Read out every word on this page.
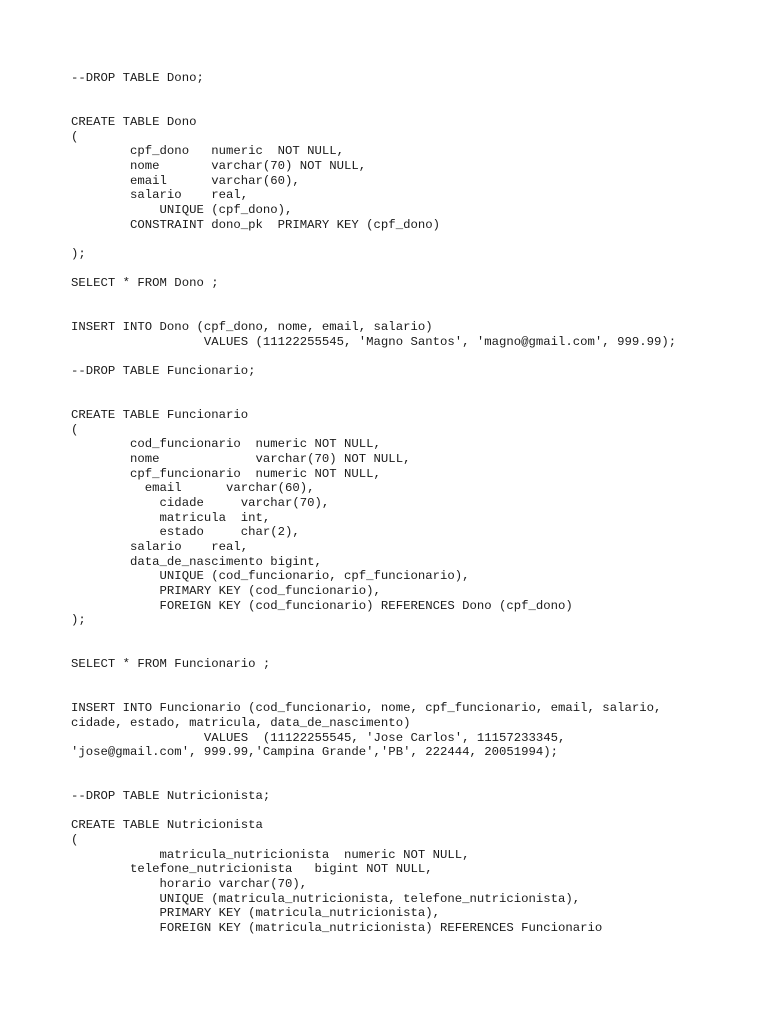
--DROP TABLE Dono;
CREATE TABLE Dono
(
cpf_dono   numeric  NOT NULL,
nome       varchar(70) NOT NULL,
email      varchar(60),
salario    real,
UNIQUE (cpf_dono),
CONSTRAINT dono_pk  PRIMARY KEY (cpf_dono)
);
SELECT * FROM Dono ;
INSERT INTO Dono (cpf_dono, nome, email, salario)
VALUES (11122255545, 'Magno Santos', 'magno@gmail.com', 999.99);
--DROP TABLE Funcionario;
CREATE TABLE Funcionario
(
cod_funcionario  numeric NOT NULL,
nome             varchar(70) NOT NULL,
cpf_funcionario  numeric NOT NULL,
email      varchar(60),
cidade     varchar(70),
matricula  int,
estado     char(2),
salario    real,
data_de_nascimento bigint,
UNIQUE (cod_funcionario, cpf_funcionario),
PRIMARY KEY (cod_funcionario),
FOREIGN KEY (cod_funcionario) REFERENCES Dono (cpf_dono)
);
SELECT * FROM Funcionario ;
INSERT INTO Funcionario (cod_funcionario, nome, cpf_funcionario, email, salario,
cidade, estado, matricula, data_de_nascimento)
VALUES  (11122255545, 'Jose Carlos', 11157233345,
'jose@gmail.com', 999.99,'Campina Grande','PB', 222444, 20051994);
--DROP TABLE Nutricionista;
CREATE TABLE Nutricionista
(
matricula_nutricionista  numeric NOT NULL,
telefone_nutricionista   bigint NOT NULL,
horario varchar(70),
UNIQUE (matricula_nutricionista, telefone_nutricionista),
PRIMARY KEY (matricula_nutricionista),
FOREIGN KEY (matricula_nutricionista) REFERENCES Funcionario
